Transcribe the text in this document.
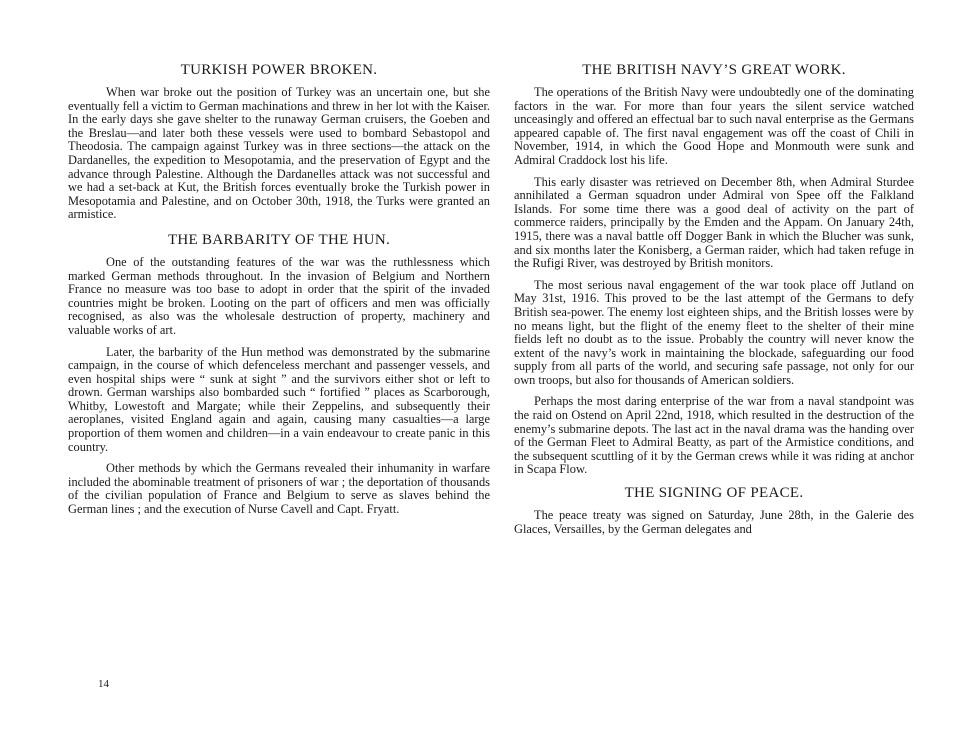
TURKISH POWER BROKEN.

When war broke out the position of Turkey was an uncertain one, but she eventually fell a victim to German machinations and threw in her lot with the Kaiser. In the early days she gave shelter to the runaway German cruisers, the Goeben and the Breslau—and later both these vessels were used to bombard Sebastopol and Theodosia. The campaign against Turkey was in three sections—the attack on the Dardanelles, the expedition to Mesopotamia, and the preservation of Egypt and the advance through Palestine. Although the Dardanelles attack was not successful and we had a set-back at Kut, the British forces eventually broke the Turkish power in Mesopotamia and Palestine, and on October 30th, 1918, the Turks were granted an armistice.

THE BARBARITY OF THE HUN.

One of the outstanding features of the war was the ruthlessness which marked German methods throughout. In the invasion of Belgium and Northern France no measure was too base to adopt in order that the spirit of the invaded countries might be broken. Looting on the part of officers and men was officially recognised, as also was the wholesale destruction of property, machinery and valuable works of art.

Later, the barbarity of the Hun method was demonstrated by the submarine campaign, in the course of which defenceless merchant and passenger vessels, and even hospital ships were “ sunk at sight ” and the survivors either shot or left to drown. German warships also bombarded such “ fortified ” places as Scarborough, Whitby, Lowestoft and Margate; while their Zeppelins, and subsequently their aeroplanes, visited England again and again, causing many casualties—a large proportion of them women and children—in a vain endeavour to create panic in this country.

Other methods by which the Germans revealed their inhumanity in warfare included the abominable treatment of prisoners of war ; the deportation of thousands of the civilian population of France and Belgium to serve as slaves behind the German lines ; and the execution of Nurse Cavell and Capt. Fryatt.

THE BRITISH NAVY’S GREAT WORK.

The operations of the British Navy were undoubtedly one of the dominating factors in the war. For more than four years the silent service watched unceasingly and offered an effectual bar to such naval enterprise as the Germans appeared capable of. The first naval engagement was off the coast of Chili in November, 1914, in which the Good Hope and Monmouth were sunk and Admiral Craddock lost his life.

This early disaster was retrieved on December 8th, when Admiral Sturdee annihilated a German squadron under Admiral von Spee off the Falkland Islands. For some time there was a good deal of activity on the part of commerce raiders, principally by the Emden and the Appam. On January 24th, 1915, there was a naval battle off Dogger Bank in which the Blucher was sunk, and six months later the Konisberg, a German raider, which had taken refuge in the Rufigi River, was destroyed by British monitors.

The most serious naval engagement of the war took place off Jutland on May 31st, 1916. This proved to be the last attempt of the Germans to defy British sea-power. The enemy lost eighteen ships, and the British losses were by no means light, but the flight of the enemy fleet to the shelter of their mine fields left no doubt as to the issue. Probably the country will never know the extent of the navy’s work in maintaining the blockade, safeguarding our food supply from all parts of the world, and securing safe passage, not only for our own troops, but also for thousands of American soldiers.

Perhaps the most daring enterprise of the war from a naval standpoint was the raid on Ostend on April 22nd, 1918, which resulted in the destruction of the enemy’s submarine depots. The last act in the naval drama was the handing over of the German Fleet to Admiral Beatty, as part of the Armistice conditions, and the subsequent scuttling of it by the German crews while it was riding at anchor in Scapa Flow.

THE SIGNING OF PEACE.

The peace treaty was signed on Saturday, June 28th, in the Galerie des Glaces, Versailles, by the German delegates and

14
